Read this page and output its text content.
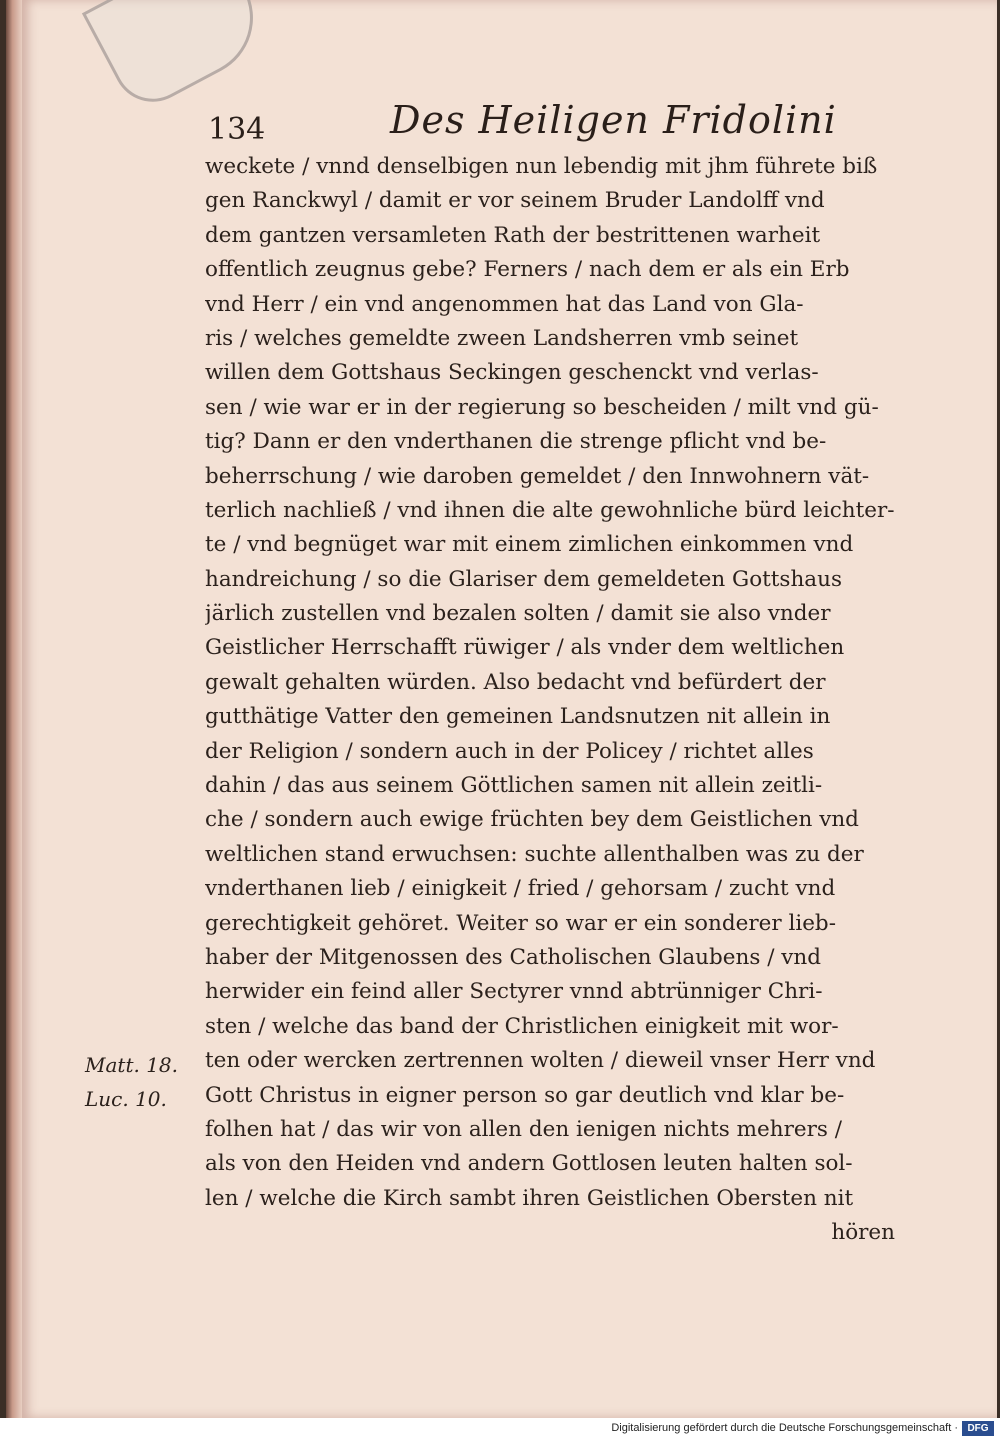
134	Des Heiligen Fridolini
weckete / vnnd denselbigen nun lebendig mit jhm führete biß
gen Ranckwyl / damit er vor seinem Bruder Landolff vnd
dem gantzen versamleten Rath der bestrittenen warheit
offentlich zeugnus gebe? Ferners / nach dem er als ein Erb
vnd Herr / ein vnd angenommen hat das Land von Gla-
ris / welches gemeldte zween Landsherren vmb seinet
willen dem Gottshaus Seckingen geschenckt vnd verlas-
sen / wie war er in der regierung so bescheiden / milt vnd gü-
tig? Dann er den vnderthanen die strenge pflicht vnd be-
beherrschung / wie daroben gemeldet / den Innwohnern vät-
terlich nachließ / vnd ihnen die alte gewohnliche bürd leichter-
te / vnd begnüget war mit einem zimlichen einkommen vnd
handreichung / so die Glariser dem gemeldeten Gottshaus
järlich zustellen vnd bezalen solten / damit sie also vnder
Geistlicher Herrschafft rüwiger / als vnder dem weltlichen
gewalt gehalten würden. Also bedacht vnd befürdert der
gutthätige Vatter den gemeinen Landsnutzen nit allein in
der Religion / sondern auch in der Policey / richtet alles
dahin / das aus seinem Göttlichen samen nit allein zeitli-
che / sondern auch ewige früchten bey dem Geistlichen vnd
weltlichen stand erwuchsen: suchte allenthalben was zu der
vnderthanen lieb / einigkeit / fried / gehorsam / zucht vnd
gerechtigkeit gehöret. Weiter so war er ein sonderer lieb-
haber der Mitgenossen des Catholischen Glaubens / vnd
herwider ein feind aller Sectyrer vnnd abtrünniger Chri-
sten / welche das band der Christlichen einigkeit mit wor-
ten oder wercken zertrennen wolten / dieweil vnser Herr vnd
Gott Christus in eigner person so gar deutlich vnd klar be-
folhen hat / das wir von allen den ienigen nichts mehrers /
als von den Heiden vnd andern Gottlosen leuten halten sol-
len / welche die Kirch sambt ihren Geistlichen Obersten nit
hören
Matt. 18.
Luc. 10.
Digitalisierung gefördert durch die Deutsche Forschungsgemeinschaft · DFG
